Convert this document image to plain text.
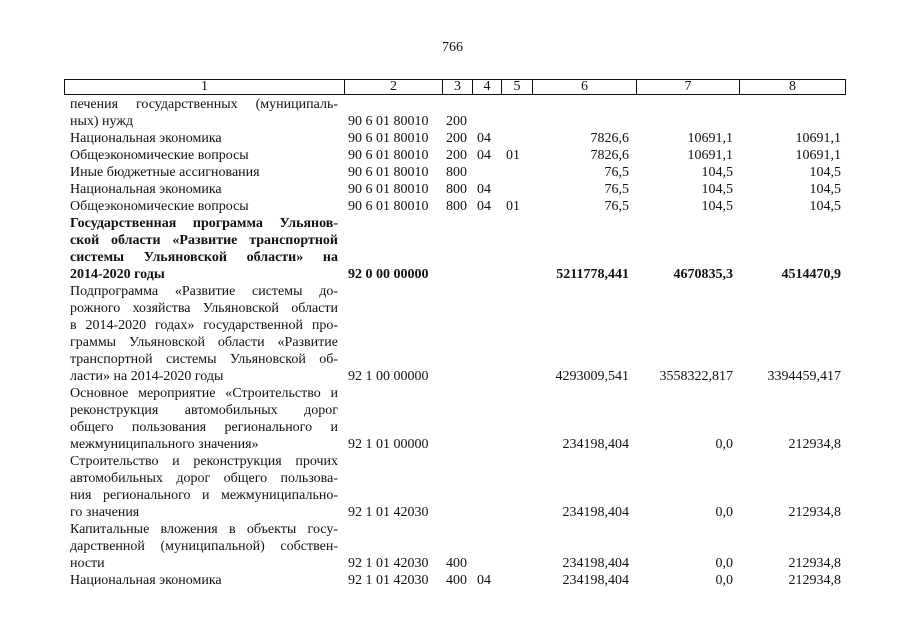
766
1	2	3	4	5	6	7	8
печения государственных (муниципаль-
ных) нужд	90 6 01 80010 200
Национальная экономика	90 6 01 80010 200 04	7826,6	10691,1	10691,1
Общеэкономические вопросы	90 6 01 80010 200 04 01	7826,6	10691,1	10691,1
Иные бюджетные ассигнования	90 6 01 80010 800	76,5	104,5	104,5
Национальная экономика	90 6 01 80010 800 04	76,5	104,5	104,5
Общеэкономические вопросы	90 6 01 80010 800 04 01	76,5	104,5	104,5
Государственная программа Ульянов-
ской области «Развитие транспортной
системы Ульяновской области» на
2014-2020 годы	92 0 00 00000	5211778,441	4670835,3	4514470,9
Подпрограмма «Развитие системы до-
рожного хозяйства Ульяновской области
в 2014-2020 годах» государственной про-
граммы Ульяновской области «Развитие
транспортной системы Ульяновской об-
ласти» на 2014-2020 годы	92 1 00 00000	4293009,541 3558322,817 3394459,417
Основное мероприятие «Строительство и
реконструкция автомобильных дорог
общего пользования регионального и
межмуниципального значения»	92 1 01 00000	234198,404	0,0	212934,8
Строительство и реконструкция прочих
автомобильных дорог общего пользова-
ния регионального и межмуниципально-
го значения	92 1 01 42030	234198,404	0,0	212934,8
Капитальные вложения в объекты госу-
дарственной (муниципальной) собствен-
ности	92 1 01 42030 400	234198,404	0,0	212934,8
Национальная экономика	92 1 01 42030 400 04	234198,404	0,0	212934,8
